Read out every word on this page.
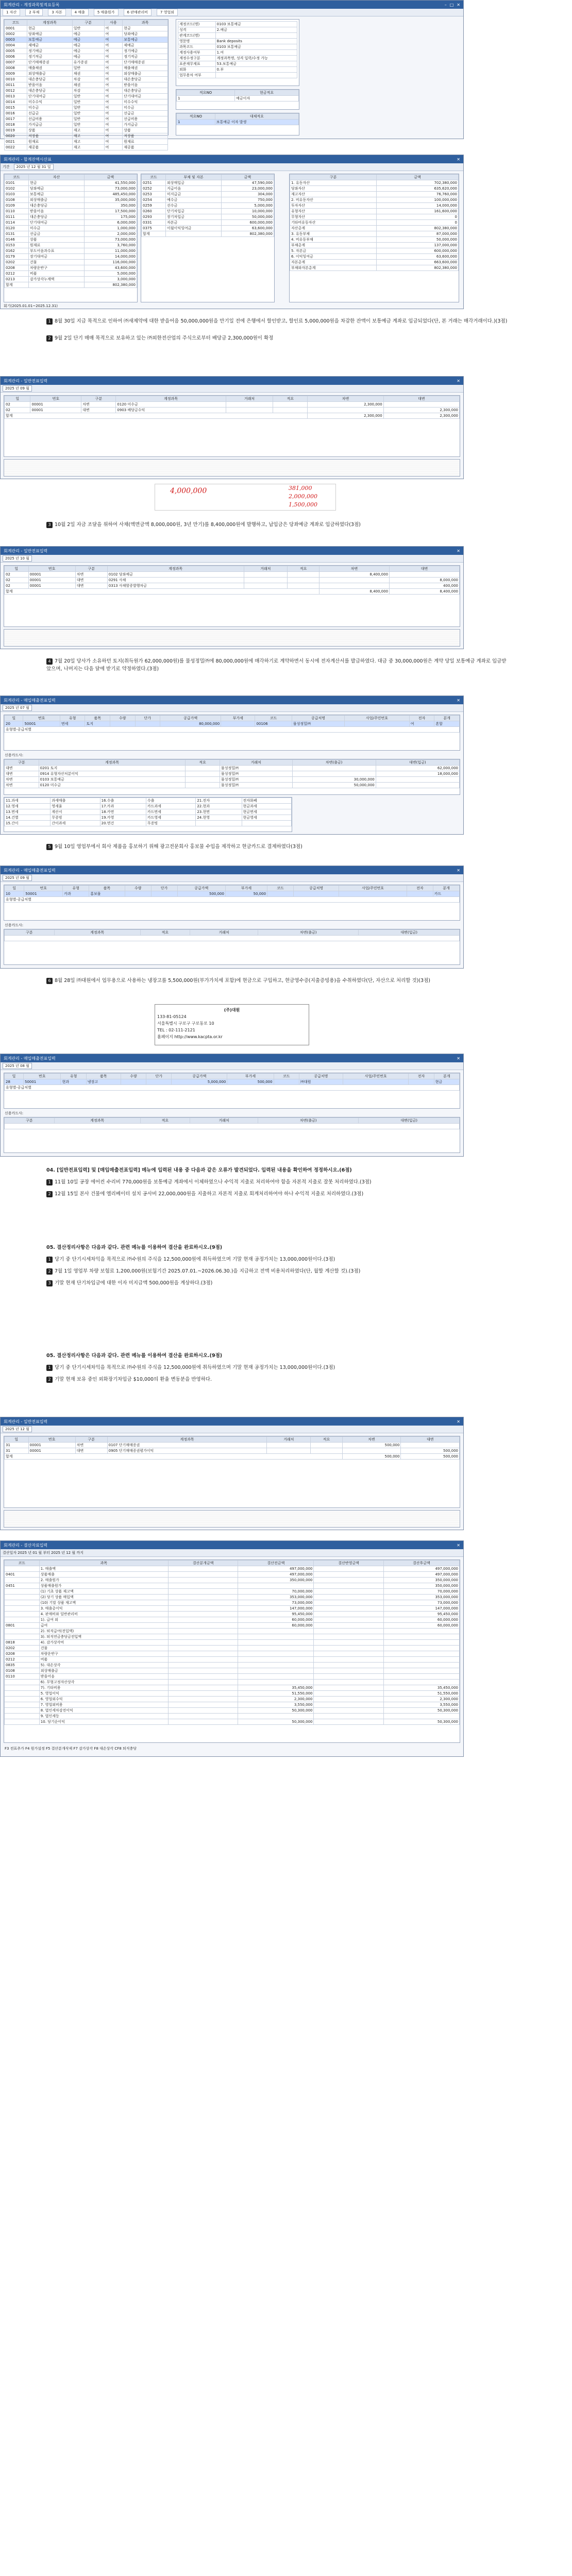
회계관리 - 계정과목및적요등록	– □ ✕
1 자산	2 부채	3 자본	4 매출	5 매출원가	6 판매관리비	7 영업외
코드	계정과목	구분	사용	과목
0001	현금	일반	여	현금
0002	당좌예금	예금	여	당좌예금
0003	보통예금	예금	여	보통예금
0004	제예금	예금	여	제예금
0005	정기예금	예금	여	정기예금
0006	정기적금	예금	여	정기적금
0007	단기매매증권	유가증권	여	단기매매증권
0008	매출채권	일반	여	매출채권
0009	외상매출금	채권	여	외상매출금
0010	대손충당금	차감	여	대손충당금
0011	받을어음	채권	여	받을어음
0012	대손충당금	차감	여	대손충당금
0013	단기대여금	일반	여	단기대여금
0014	미수수익	일반	여	미수수익
0015	미수금	일반	여	미수금
0016	선급금	일반	여	선급금
0017	선급비용	일반	여	선급비용
0018	가지급금	일반	여	가지급금
0019	상품	재고	여	상품
0020	저장품	재고	여	저장품
0021	원재료	재고	여	원재료
0022	재공품	재고	여	재공품
계정코드(명)	0103 보통예금
성격	2.예금
관계코드(명)	
영문명	Bank deposits
과목코드	0103 보통예금
계정사용여부	1.여
계정수정구분	계정과목명, 성격 입력/수정 가능
표준재무제표	53.보통예금
외화	0.부
업무용차 여부	
적요NO	현금적요
1	예금이자
적요NO	대체적요
1	보통예금 이자 발생
회계관리 - 합계잔액시산표	✕
기간	2025 년 12 월 31 일
코드	자산	금액
0101	현금	41,550,000
0102	당좌예금	73,000,000
0103	보통예금	485,450,000
0108	외상매출금	35,000,000
0109	대손충당금	350,000
0110	받을어음	17,500,000
0111	대손충당금	175,000
0114	단기대여금	6,000,000
0120	미수금	1,000,000
0131	선급금	2,000,000
0146	상품	73,000,000
0153	원재료	3,760,000
0162	부도어음과수표	11,000,000
0179	장기대여금	14,000,000
0202	건물	116,000,000
0208	차량운반구	43,600,000
0212	비품	5,000,000
0213	감가상각누계액	3,000,000
합계		802,380,000
코드	부채 및 자본	금액
0251	외상매입금	47,590,000
0252	지급어음	23,000,000
0253	미지급금	304,000
0254	예수금	750,000
0259	선수금	5,000,000
0260	단기차입금	10,000,000
0293	장기차입금	50,000,000
0331	자본금	600,000,000
0375	이월이익잉여금	63,600,000
합계		802,380,000
구분	금액
1. 유동자산	702,380,000
당좌자산	635,620,000
재고자산	76,760,000
2. 비유동자산	100,000,000
투자자산	14,000,000
유형자산	161,600,000
무형자산	0
기타비유동자산	0
자산총계	802,380,000
3. 유동부채	87,000,000
4. 비유동부채	50,000,000
부채총계	137,000,000
5. 자본금	600,000,000
6. 이익잉여금	63,600,000
자본총계	663,600,000
부채와자본총계	802,380,000
회기(2025.01.01~2025.12.31)
1 8월 30일 지급 목적으로 인하여 ㈜새제약에 대한 받을어음 50,000,000원을 만기일 전에 은행에서 할인받고, 할인료 5,000,000원을 차감한 잔액이 보통예금 계좌로 입금되었다(단, 본 거래는 매각거래이다.)(3점)
2 9월 2일 단기 매매 목적으로 보유하고 있는 ㈜외한전산업의 주식으로부터 배당금 2,300,000원이 확정
회계관리 - 일반전표입력	✕
2025 년 09 월
일	번호	구분	계정과목	거래처	적요	차변	대변
02	00001	차변	0120 미수금			2,300,000	
02	00001	대변	0903 배당금수익				2,300,000
합계						2,300,000	2,300,000
4,000,000	381,000
2,000,000
1,500,000
3 10월 2일 자금 조달을 위하여 사채(액면금액 8,000,000원, 3년 만기)를 8,400,000원에 발행하고, 납입금은 당좌예금 계좌로 입금하였다(3점)
회계관리 - 일반전표입력	✕
2025 년 10 월
일	번호	구분	계정과목	거래처	적요	차변	대변
02	00001	차변	0102 당좌예금			8,400,000	
02	00001	대변	0291 사채				8,000,000
02	00001	대변	0313 사채할증발행차금				400,000
합계						8,400,000	8,400,000
4 7월 20일 당사가 소유하던 토지(취득원가 62,000,000원)를 물성정밀㈜에 80,000,000원에 매각하기로 계약하면서 동시에 전자계산서를 발급하였다. 대금 중 30,000,000원은 계약 당일 보통예금 계좌로 입금받았으며, 나머지는 다음 달에 받기로 약정하였다.(3점)
회계관리 - 매입매출전표입력	✕
2025 년 07 월
일	번호	유형	품목	수량	단가	공급가액	부가세	코드	공급처명	사업/주민번호	전자	분개
20	50001	면세	토지			80,000,000		00106	물성정밀㈜		여	혼합
유형별-공급처별												
신용카드사:
구분	계정과목	적요	거래처	차변(출금)	대변(입금)
대변	0201 토지		물성정밀㈜		62,000,000
대변	0914 유형자산처분이익		물성정밀㈜		18,000,000
차변	0103 보통예금		물성정밀㈜	30,000,000	
차변	0120 미수금		물성정밀㈜	50,000,000	
11.과세	과세매출	16.수출	수출	21.전자	전자화폐
12.영세	영세율	17.카과	카드과세	22.현과	현금과세
13.면세	계산서	18.카면	카드면세	23.현면	현금면세
14.건별	무증빙	19.카영	카드영세	24.현영	현금영세
15.간이	간이과세	20.면건	무증빙		
5 9월 10일 영업부에서 회사 제품을 홍보하기 위해 광고전문회사 홍보물 수입을 제작하고 현금카드로 결제하였다(3점)
회계관리 - 매입매출전표입력	✕
2025 년 09 월
일	번호	유형	품목	수량	단가	공급가액	부가세	코드	공급처명	사업/주민번호	전자	분개
10	50001	카과	홍보물			500,000	50,000					카드
유형별-공급처별												
신용카드사:
구분	계정과목	적요	거래처	차변(출금)	대변(입금)

6 8월 28일 ㈜대원에서 업무용으로 사용하는 냉장고를 5,500,000원(부가가치세 포함)에 현금으로 구입하고, 현금영수증(지출증빙용)을 수취하였다(단, 자산으로 처리할 것)(3점)
(주)대원
133-81-05124
서울특별시 구로구 구로동로 10
TEL : 02-111-2121
홈페이지 http://www.kacpta.or.kr
회계관리 - 매입매출전표입력	✕
2025 년 08 월
일	번호	유형	품목	수량	단가	공급가액	부가세	코드	공급처명	사업/주민번호	전자	분개
28	50001	현과	냉장고			5,000,000	500,000		㈜대원			현금
유형별-공급처별												
신용카드사:
구분	계정과목	적요	거래처	차변(출금)	대변(입금)

04. [일반전표입력] 및 [매입매출전표입력] 메뉴에 입력된 내용 중 다음과 같은 오류가 발견되었다. 입력된 내용을 확인하여 정정하시오.(6점)
1 11월 10일 공장 에어컨 수리비 770,000원을 보통예금 계좌에서 이체하였으나 수익적 지출로 처리하여야 함을 자본적 지출로 잘못 처리하였다.(3점)
2 12월 15일 본사 건물에 엘리베이터 설치 공사비 22,000,000원을 지출하고 자본적 지출로 회계처리하여야 하나 수익적 지출로 처리하였다.(3점)
05. 결산정리사항은 다음과 같다. 관련 메뉴를 이용하여 결산을 완료하시오.(9점)
1 당기 중 단기시세차익을 목적으로 ㈜수원의 주식을 12,500,000원에 취득하였으며 기말 현재 공정가치는 13,000,000원이다.(3점)
2 7월 1일 영업부 차량 보험료 1,200,000원(보험기간 2025.07.01.~2026.06.30.)을 지급하고 전액 비용처리하였다(단, 월할 계산할 것).(3점)
3 기말 현재 단기차입금에 대한 이자 미지급액 500,000원을 계상하다.(3점)
05. 결산정리사항은 다음과 같다. 관련 메뉴를 이용하여 결산을 완료하시오.(9점)
1 당기 중 단기시세차익을 목적으로 ㈜수원의 주식을 12,500,000원에 취득하였으며 기말 현재 공정가치는 13,000,000원이다.(3점)
2 기말 현재 보유 중인 외화장기차입금 $10,000의 환율 변동분을 반영하다.
회계관리 - 일반전표입력	✕
2025 년 12 월
일	번호	구분	계정과목	거래처	적요	차변	대변
31	00001	차변	0107 단기매매증권			500,000	
31	00001	대변	0905 단기매매증권평가이익				500,000
합계						500,000	500,000
회계관리 - 결산자료입력	✕
결산일자 2025 년 01 월 부터 2025 년 12 월 까지
코드	과목	결산분개금액	결산전금액	결산반영금액	결산후금액
	1. 매출액		497,000,000		497,000,000
0401	상품매출		497,000,000		497,000,000
	2. 매출원가		350,000,000		350,000,000
0451	상품매출원가				350,000,000
	(1) 기초 상품 재고액		70,000,000		70,000,000
	(2) 당기 상품 매입액		353,000,000		353,000,000
	(10) 기말 상품 재고액		73,000,000		73,000,000
	3. 매출총이익		147,000,000		147,000,000
	4. 판매비와 일반관리비		95,450,000		95,450,000
	1). 급여 외		60,000,000		60,000,000
0801	급여		60,000,000		60,000,000
	2). 퇴직급여(전입액)				
	3). 퇴직연금충당금전입액				
0818	4). 감가상각비				
0202	건물				
0208	차량운반구				
0212	비품				
0835	5). 대손상각				
0108	외상매출금				
0110	받을어음				
	6). 무형고정자산상각				
	7). 기타비용		35,450,000		35,450,000
	5. 영업이익		51,550,000		51,550,000
	6. 영업외수익		2,300,000		2,300,000
	7. 영업외비용		3,550,000		3,550,000
	8. 법인세차감전이익		50,300,000		50,300,000
	9. 법인세등				
	10. 당기순이익		50,300,000		50,300,000
F3 전표추가 F4 원가설정 F5 결산분개삭제 F7 감가상각 F8 대손상각 CF8 퇴직충당
